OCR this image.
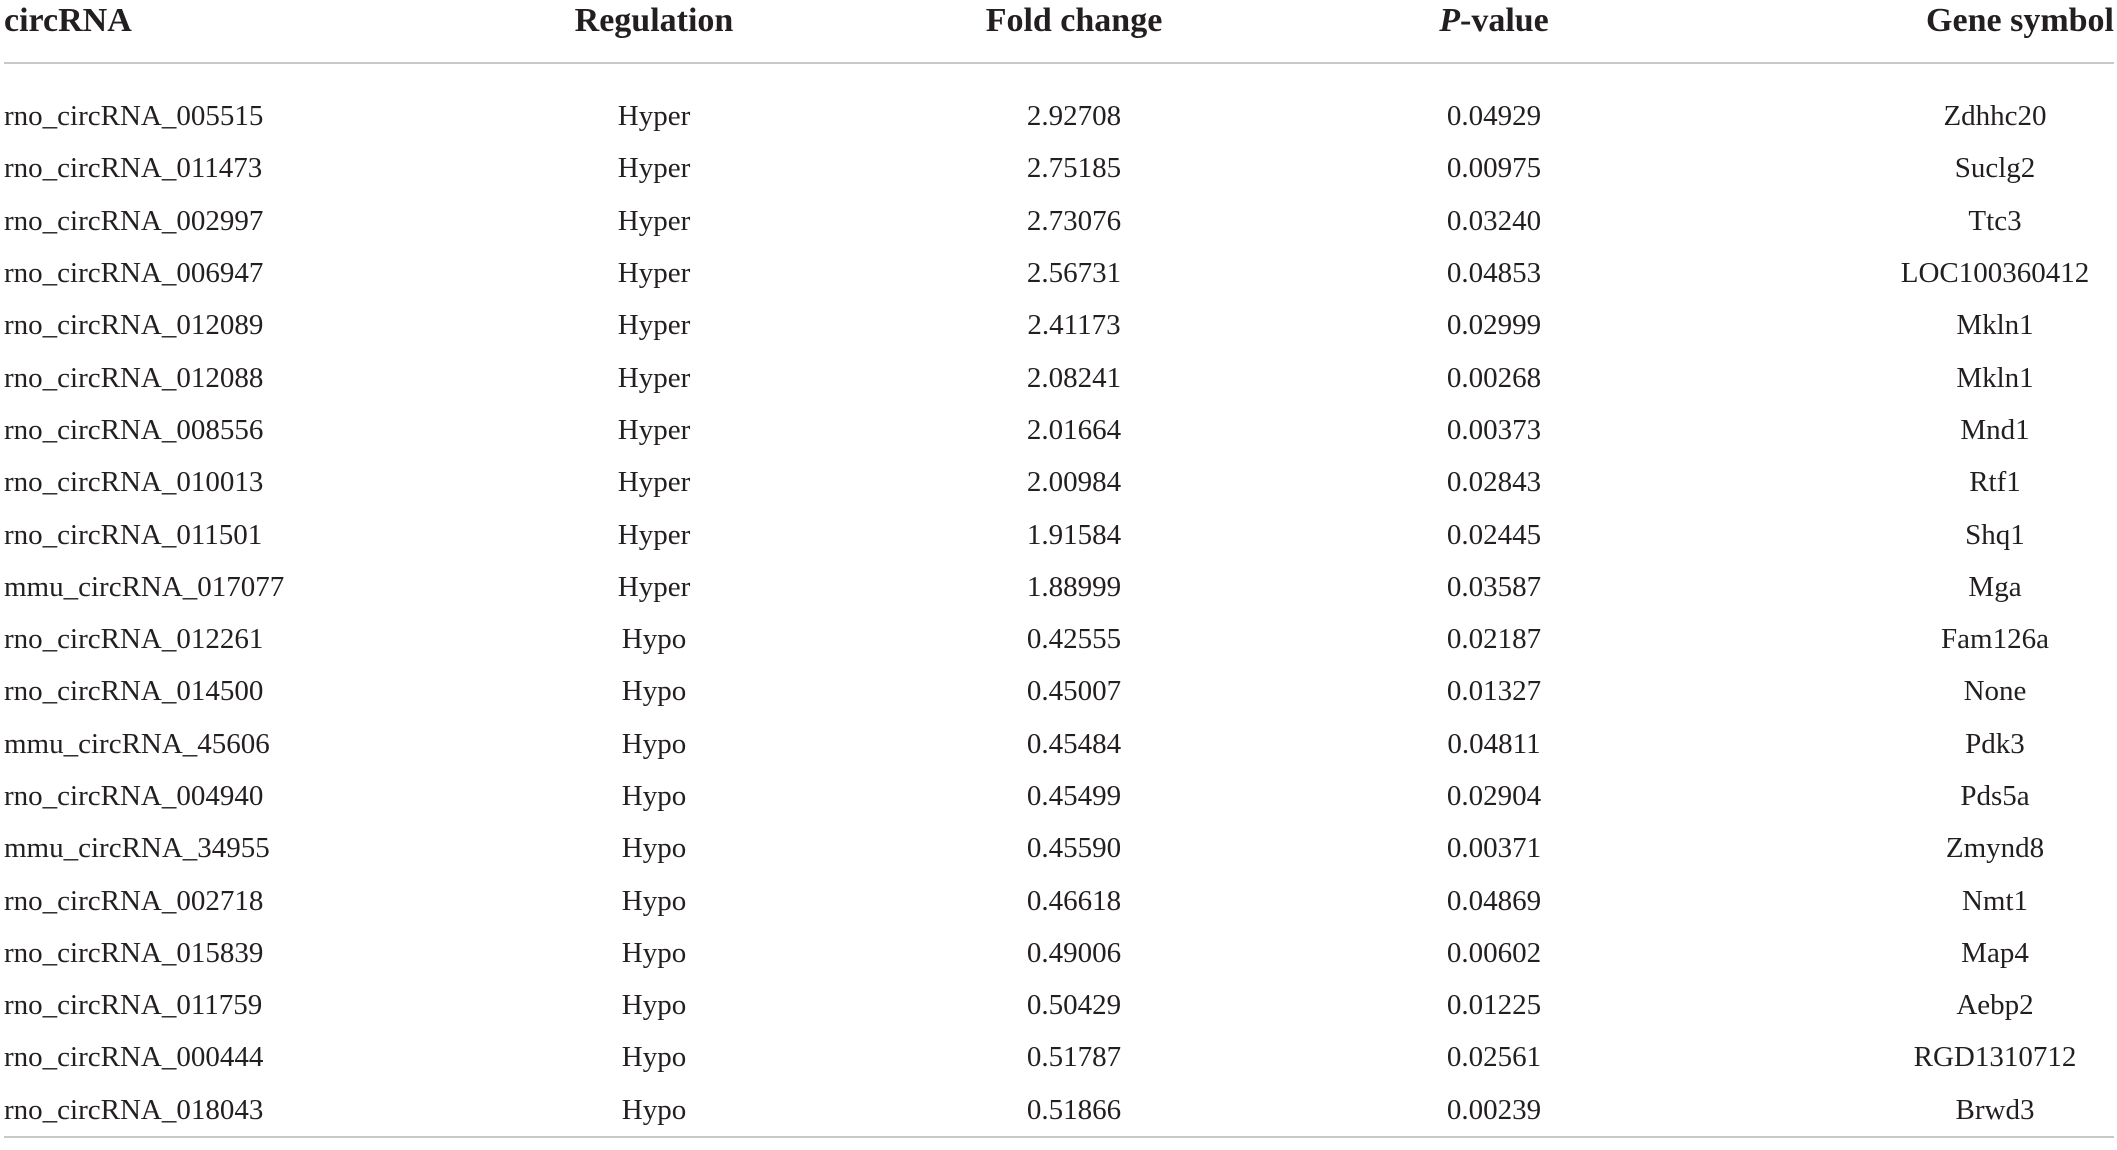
circRNA	Regulation	Fold change	P-value	Gene symbol

rno_circRNA_005515	Hyper	2.92708	0.04929	Zdhhc20
rno_circRNA_011473	Hyper	2.75185	0.00975	Suclg2
rno_circRNA_002997	Hyper	2.73076	0.03240	Ttc3
rno_circRNA_006947	Hyper	2.56731	0.04853	LOC100360412
rno_circRNA_012089	Hyper	2.41173	0.02999	Mkln1
rno_circRNA_012088	Hyper	2.08241	0.00268	Mkln1
rno_circRNA_008556	Hyper	2.01664	0.00373	Mnd1
rno_circRNA_010013	Hyper	2.00984	0.02843	Rtf1
rno_circRNA_011501	Hyper	1.91584	0.02445	Shq1
mmu_circRNA_017077	Hyper	1.88999	0.03587	Mga
rno_circRNA_012261	Hypo	0.42555	0.02187	Fam126a
rno_circRNA_014500	Hypo	0.45007	0.01327	None
mmu_circRNA_45606	Hypo	0.45484	0.04811	Pdk3
rno_circRNA_004940	Hypo	0.45499	0.02904	Pds5a
mmu_circRNA_34955	Hypo	0.45590	0.00371	Zmynd8
rno_circRNA_002718	Hypo	0.46618	0.04869	Nmt1
rno_circRNA_015839	Hypo	0.49006	0.00602	Map4
rno_circRNA_011759	Hypo	0.50429	0.01225	Aebp2
rno_circRNA_000444	Hypo	0.51787	0.02561	RGD1310712
rno_circRNA_018043	Hypo	0.51866	0.00239	Brwd3
